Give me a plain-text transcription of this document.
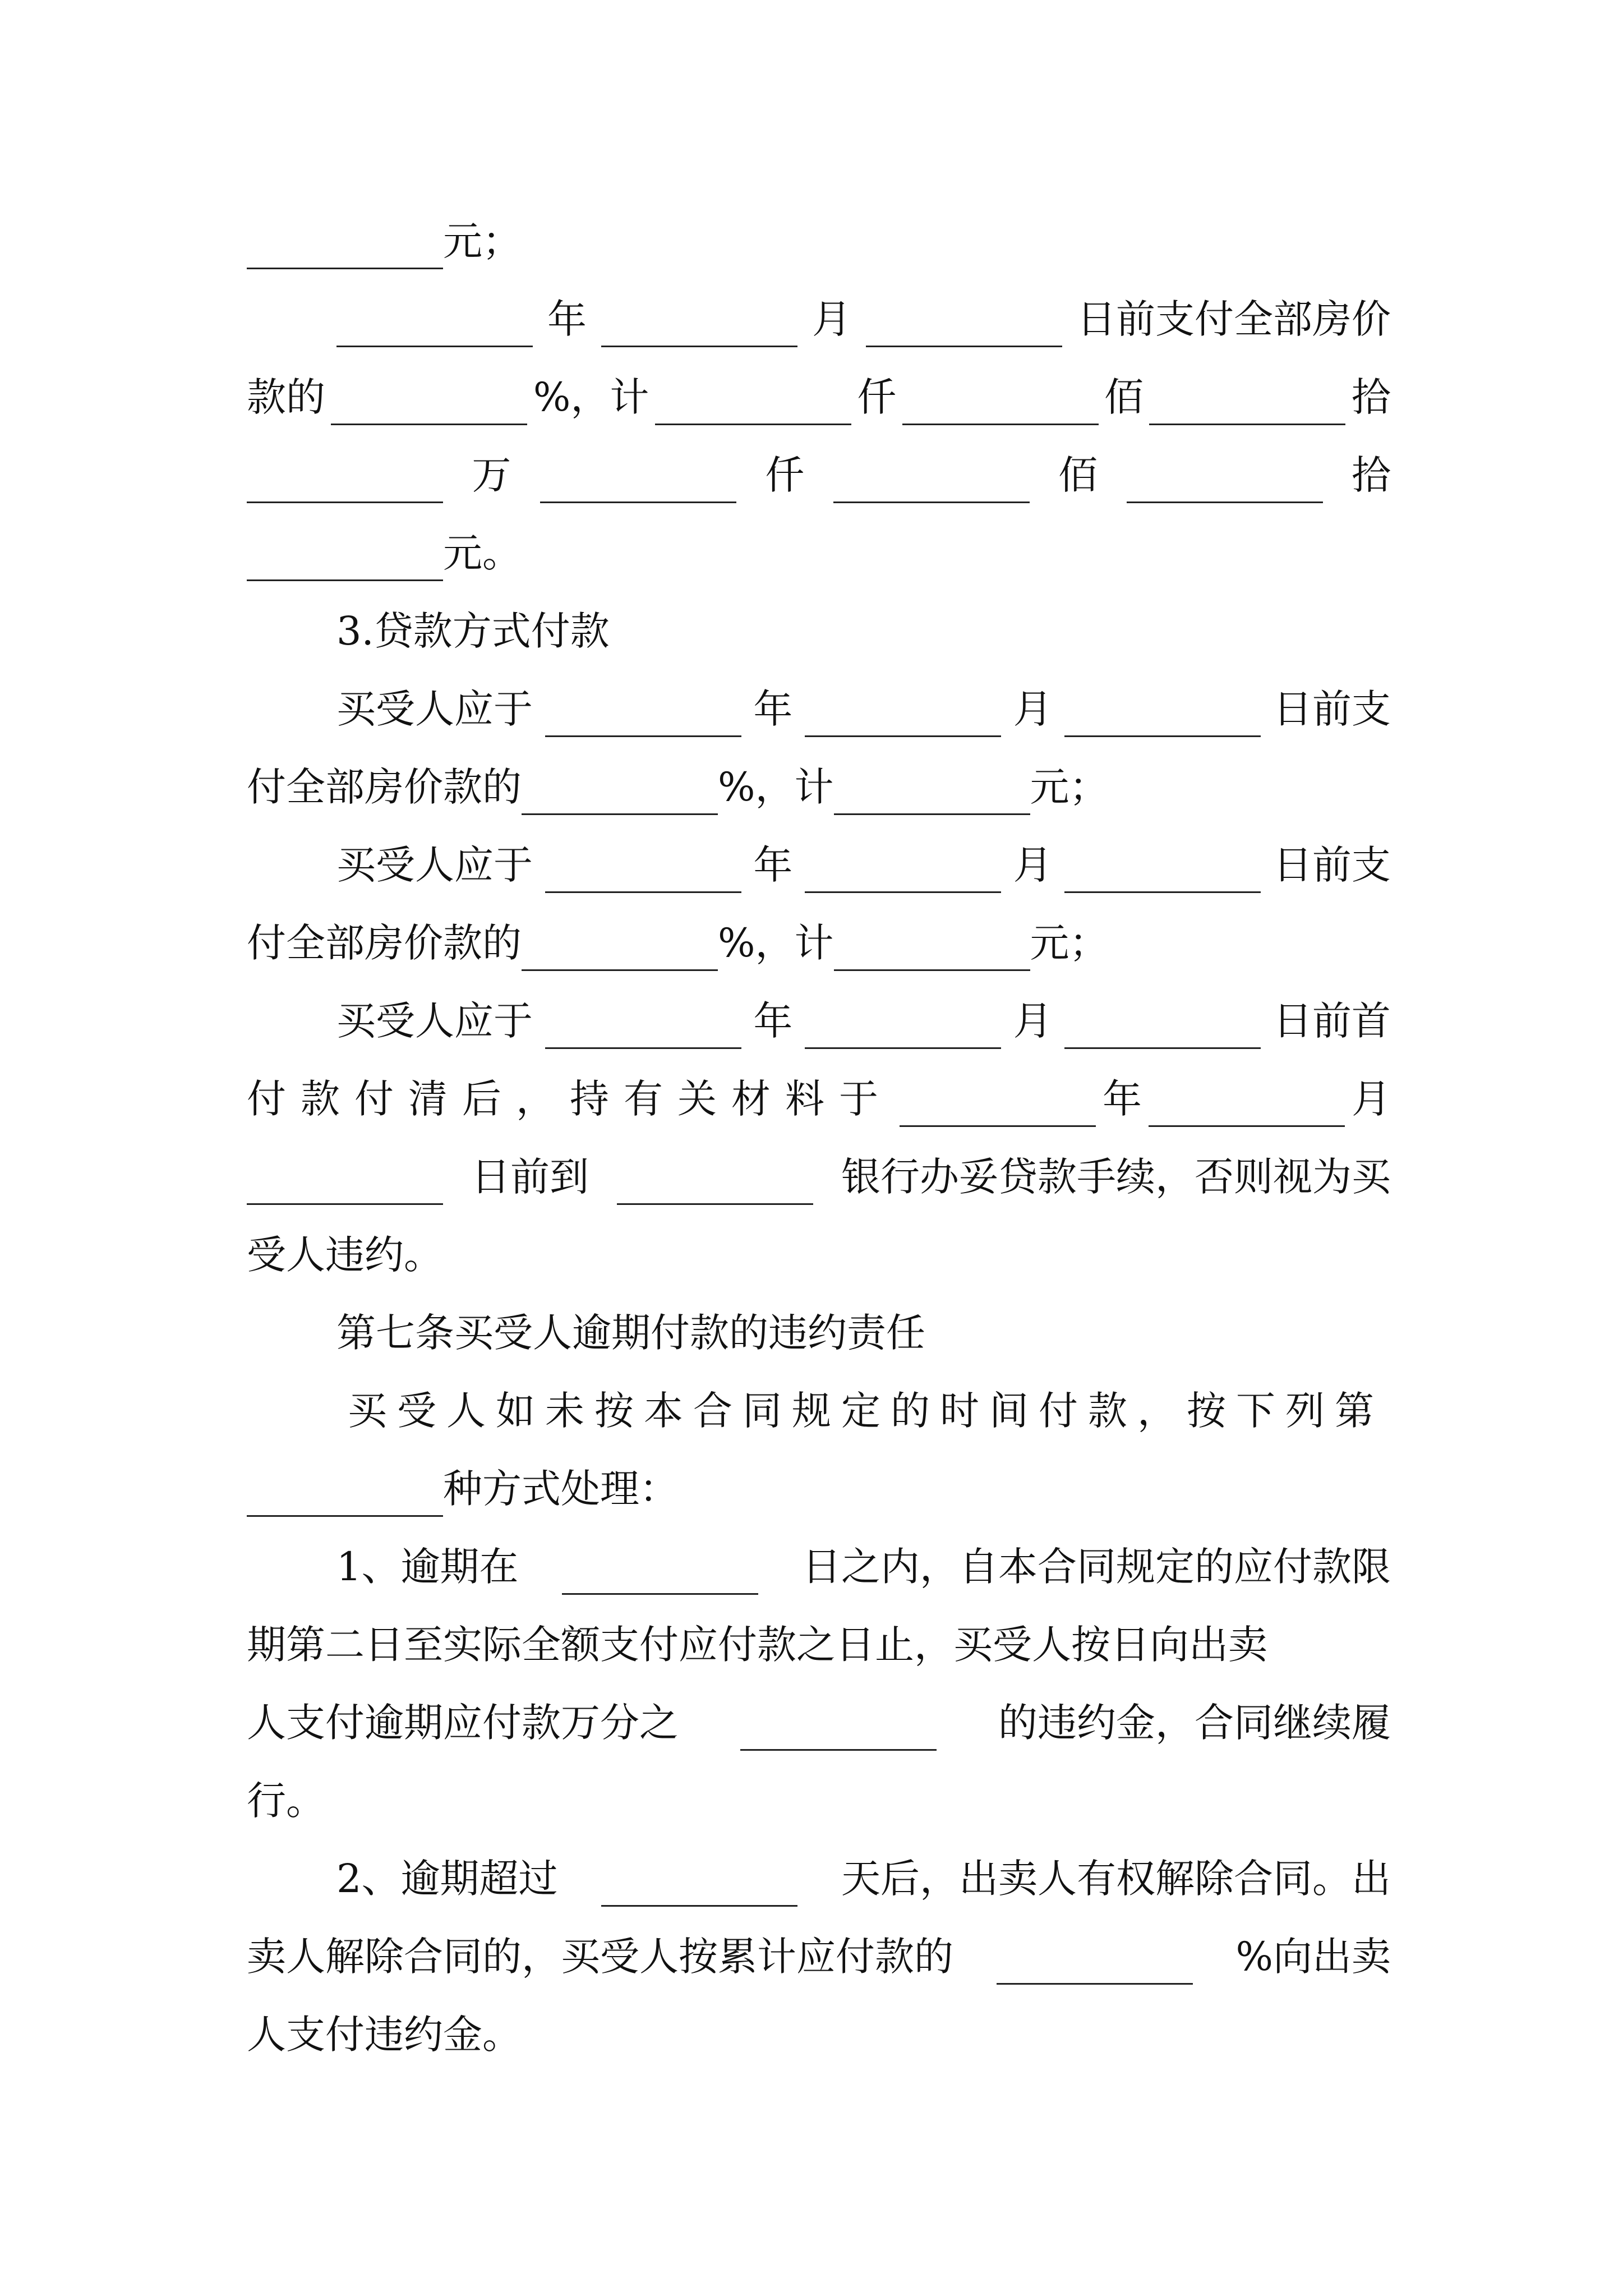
元；
年	月	日前支付全部房价
款的	%，计	仟	佰	拾
万	仟	佰	拾
元。
3.贷款方式付款
买受人应于	年	月	日前支
付全部房价款的	%，计	元；
买受人应于	年	月	日前支
付全部房价款的	%，计	元；
买受人应于	年	月	日前首
付款付清后，持有关材料于	年	月
日前到	银行办妥贷款手续，否则视为买
受人违约。
第七条买受人逾期付款的违约责任
买受人如未按本合同规定的时间付款，按下列第
种方式处理：
1、逾期在	日之内，自本合同规定的应付款限
期第二日至实际全额支付应付款之日止，买受人按日向出卖
人支付逾期应付款万分之	的违约金，合同继续履
行。
2、逾期超过	天后，出卖人有权解除合同。出
卖人解除合同的，买受人按累计应付款的	%向出卖
人支付违约金。
